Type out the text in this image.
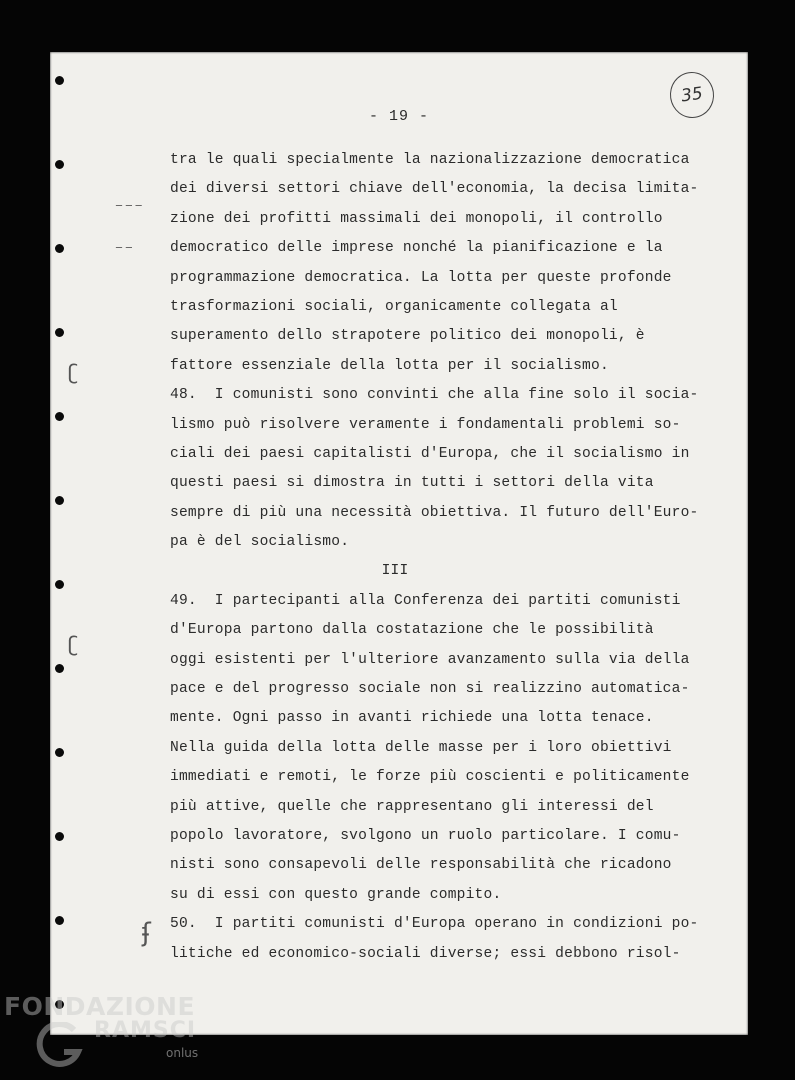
- 19 -
35
_ _ _
_ _
ʗ
ʗ
ʄ
tra le quali specialmente la nazionalizzazione democratica
dei diversi settori chiave dell'economia, la decisa limita-
zione dei profitti massimali dei monopoli, il controllo
democratico delle imprese nonché la pianificazione e la
programmazione democratica. La lotta per queste profonde
trasformazioni sociali, organicamente collegata al
superamento dello strapotere politico dei monopoli, è
fattore essenziale della lotta per il socialismo.
48.  I comunisti sono convinti che alla fine solo il socia-
lismo può risolvere veramente i fondamentali problemi so-
ciali dei paesi capitalisti d'Europa, che il socialismo in
questi paesi si dimostra in tutti i settori della vita
sempre di più una necessità obiettiva. Il futuro dell'Euro-
pa è del socialismo.
III
49.  I partecipanti alla Conferenza dei partiti comunisti
d'Europa partono dalla costatazione che le possibilità
oggi esistenti per l'ulteriore avanzamento sulla via della
pace e del progresso sociale non si realizzino automatica-
mente. Ogni passo in avanti richiede una lotta tenace.
Nella guida della lotta delle masse per i loro obiettivi
immediati e remoti, le forze più coscienti e politicamente
più attive, quelle che rappresentano gli interessi del
popolo lavoratore, svolgono un ruolo particolare. I comu-
nisti sono consapevoli delle responsabilità che ricadono
su di essi con questo grande compito.
50.  I partiti comunisti d'Europa operano in condizioni po-
litiche ed economico-sociali diverse; essi debbono risol-
FONDAZIONE
RAMSCI
onlus
